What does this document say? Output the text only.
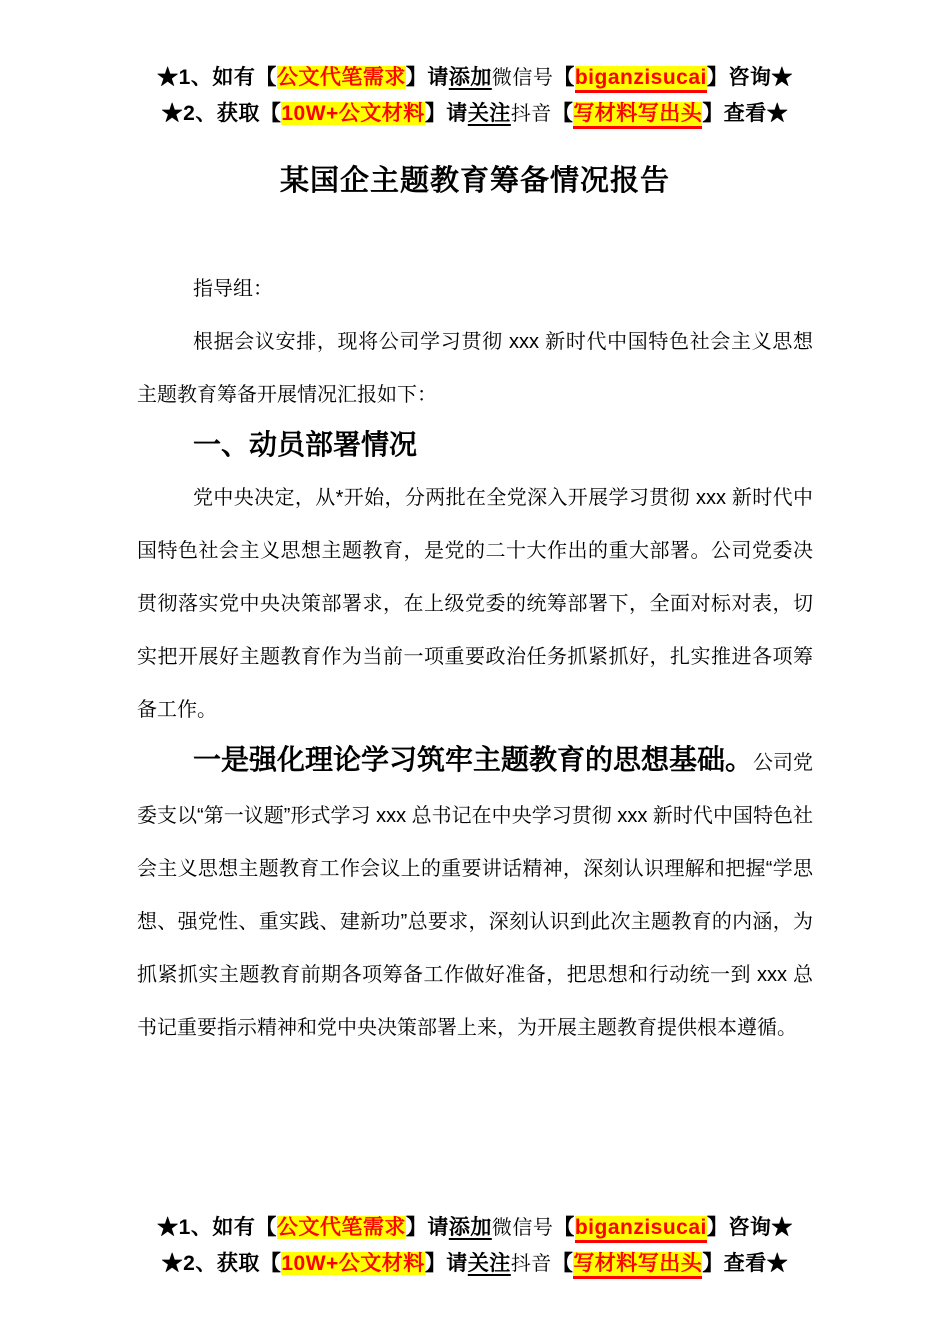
★1、如有【公文代笔需求】请添加微信号【biganzisucai】咨询★
★2、获取【10W+公文材料】请关注抖音【写材料写出头】查看★
某国企主题教育筹备情况报告

指导组：

根据会议安排，现将公司学习贯彻 xxx 新时代中国特色社会主义思想主题教育筹备开展情况汇报如下：

一、动员部署情况

党中央决定，从*开始，分两批在全党深入开展学习贯彻 xxx 新时代中国特色社会主义思想主题教育，是党的二十大作出的重大部署。公司党委决贯彻落实党中央决策部署求，在上级党委的统筹部署下，全面对标对表，切实把开展好主题教育作为当前一项重要政治任务抓紧抓好，扎实推进各项筹备工作。

一是强化理论学习筑牢主题教育的思想基础。公司党委支以“第一议题”形式学习 xxx 总书记在中央学习贯彻 xxx 新时代中国特色社会主义思想主题教育工作会议上的重要讲话精神，深刻认识理解和把握“学思想、强党性、重实践、建新功”总要求，深刻认识到此次主题教育的内涵，为抓紧抓实主题教育前期各项筹备工作做好准备，把思想和行动统一到 xxx 总书记重要指示精神和党中央决策部署上来，为开展主题教育提供根本遵循。

★1、如有【公文代笔需求】请添加微信号【biganzisucai】咨询★
★2、获取【10W+公文材料】请关注抖音【写材料写出头】查看★
